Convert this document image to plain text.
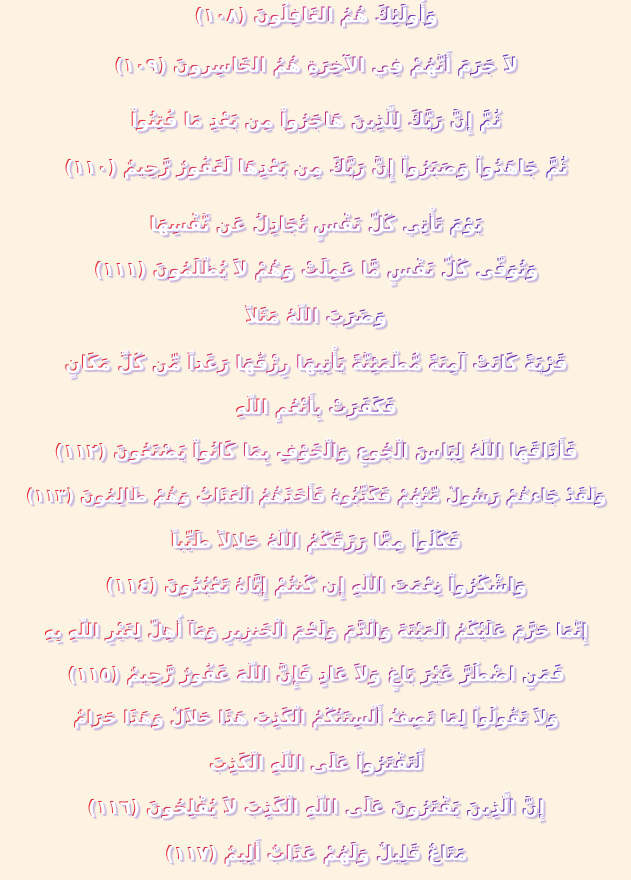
وَأُولَئِكَ هُمُ الغَافِلُونَ (١٠٨)

لاَ جَرَمَ أَنَّهُمْ فِي الآخِرَةِ هُمُ الخَاسِرونَ (١٠٩)

ثُمَّ إِنَّ رَبَّكَ لِلَّذِينَ هَاجَرُواْ مِن بَعْدِ مَا فُتِنُواْ

ثُمَّ جَاهَدُواْ وَصَبَرُواْ إِنَّ رَبَّكَ مِن بَعْدِهَا لَغَفُورٌ رَّحِيمٌ (١١٠)

يَوْمَ تَأْتِي كُلُّ نَفْسٍ تُجَادِلُ عَن نَّفْسِهَا

وَتُوَفَّى كُلُّ نَفْسٍ مَّا عَمِلَتْ وَهُمْ لاَ يُظْلَمُونَ (١١١)

وَضَرَبَ اللّهُ مَثَلاً

قَرْيَةً كَانَتْ آمِنَةً مُّطْمَئِنَّةً يَأْتِيهَا رِزْقُهَا رَغَداً مِّن كُلِّ مَكَانٍ

فَكَفَرَتْ بِأَنْعُمِ اللّهِ

فَأَذَاقَهَا اللّهُ لِبَاسَ الْجُوعِ وَالْخَوْفِ بِمَا كَانُواْ يَصْنَعُونَ (١١٢)

وَلَقَدْ جَاءهُمْ رَسُولٌ مِّنْهُمْ فَكَذَّبُوهُ فَأَخَذَهُمُ الْعَذَابُ وَهُمْ ظَالِمُونَ (١١٣)

فَكُلُواْ مِمَّا رَزَقَكُمُ اللّهُ حَلالاً طَيِّباً

وَاشْكُرُواْ نِعْمَتَ اللّهِ إِن كُنتُمْ إِيَّاهُ تَعْبُدُونَ (١١٤)

إِنَّمَا حَرَّمَ عَلَيْكُمُ الْمَيْتَةَ وَالْدَّمَ وَلَحْمَ الْخَنزِيرِ وَمَآ أُهِلَّ لِغَيْرِ اللّهِ بِهِ

فَمَنِ اضْطُرَّ غَيْرَ بَاغٍ وَلاَ عَادٍ فَإِنَّ اللّهَ غَفُورٌ رَّحِيمٌ (١١٥)

وَلاَ تَقُولُواْ لِمَا تَصِفُ أَلْسِنَتُكُمُ الْكَذِبَ هَذَا حَلاَلٌ وَهَذَا حَرَامٌ

لِّتَفْتَرُواْ عَلَى اللّهِ الْكَذِبَ

إِنَّ الَّذِينَ يَفْتَرُونَ عَلَى اللّهِ الْكَذِبَ لاَ يُفْلِحُونَ (١١٦)

مَتَاعٌ قَلِيلٌ وَلَهُمْ عَذَابٌ أَلِيمٌ (١١٧)
